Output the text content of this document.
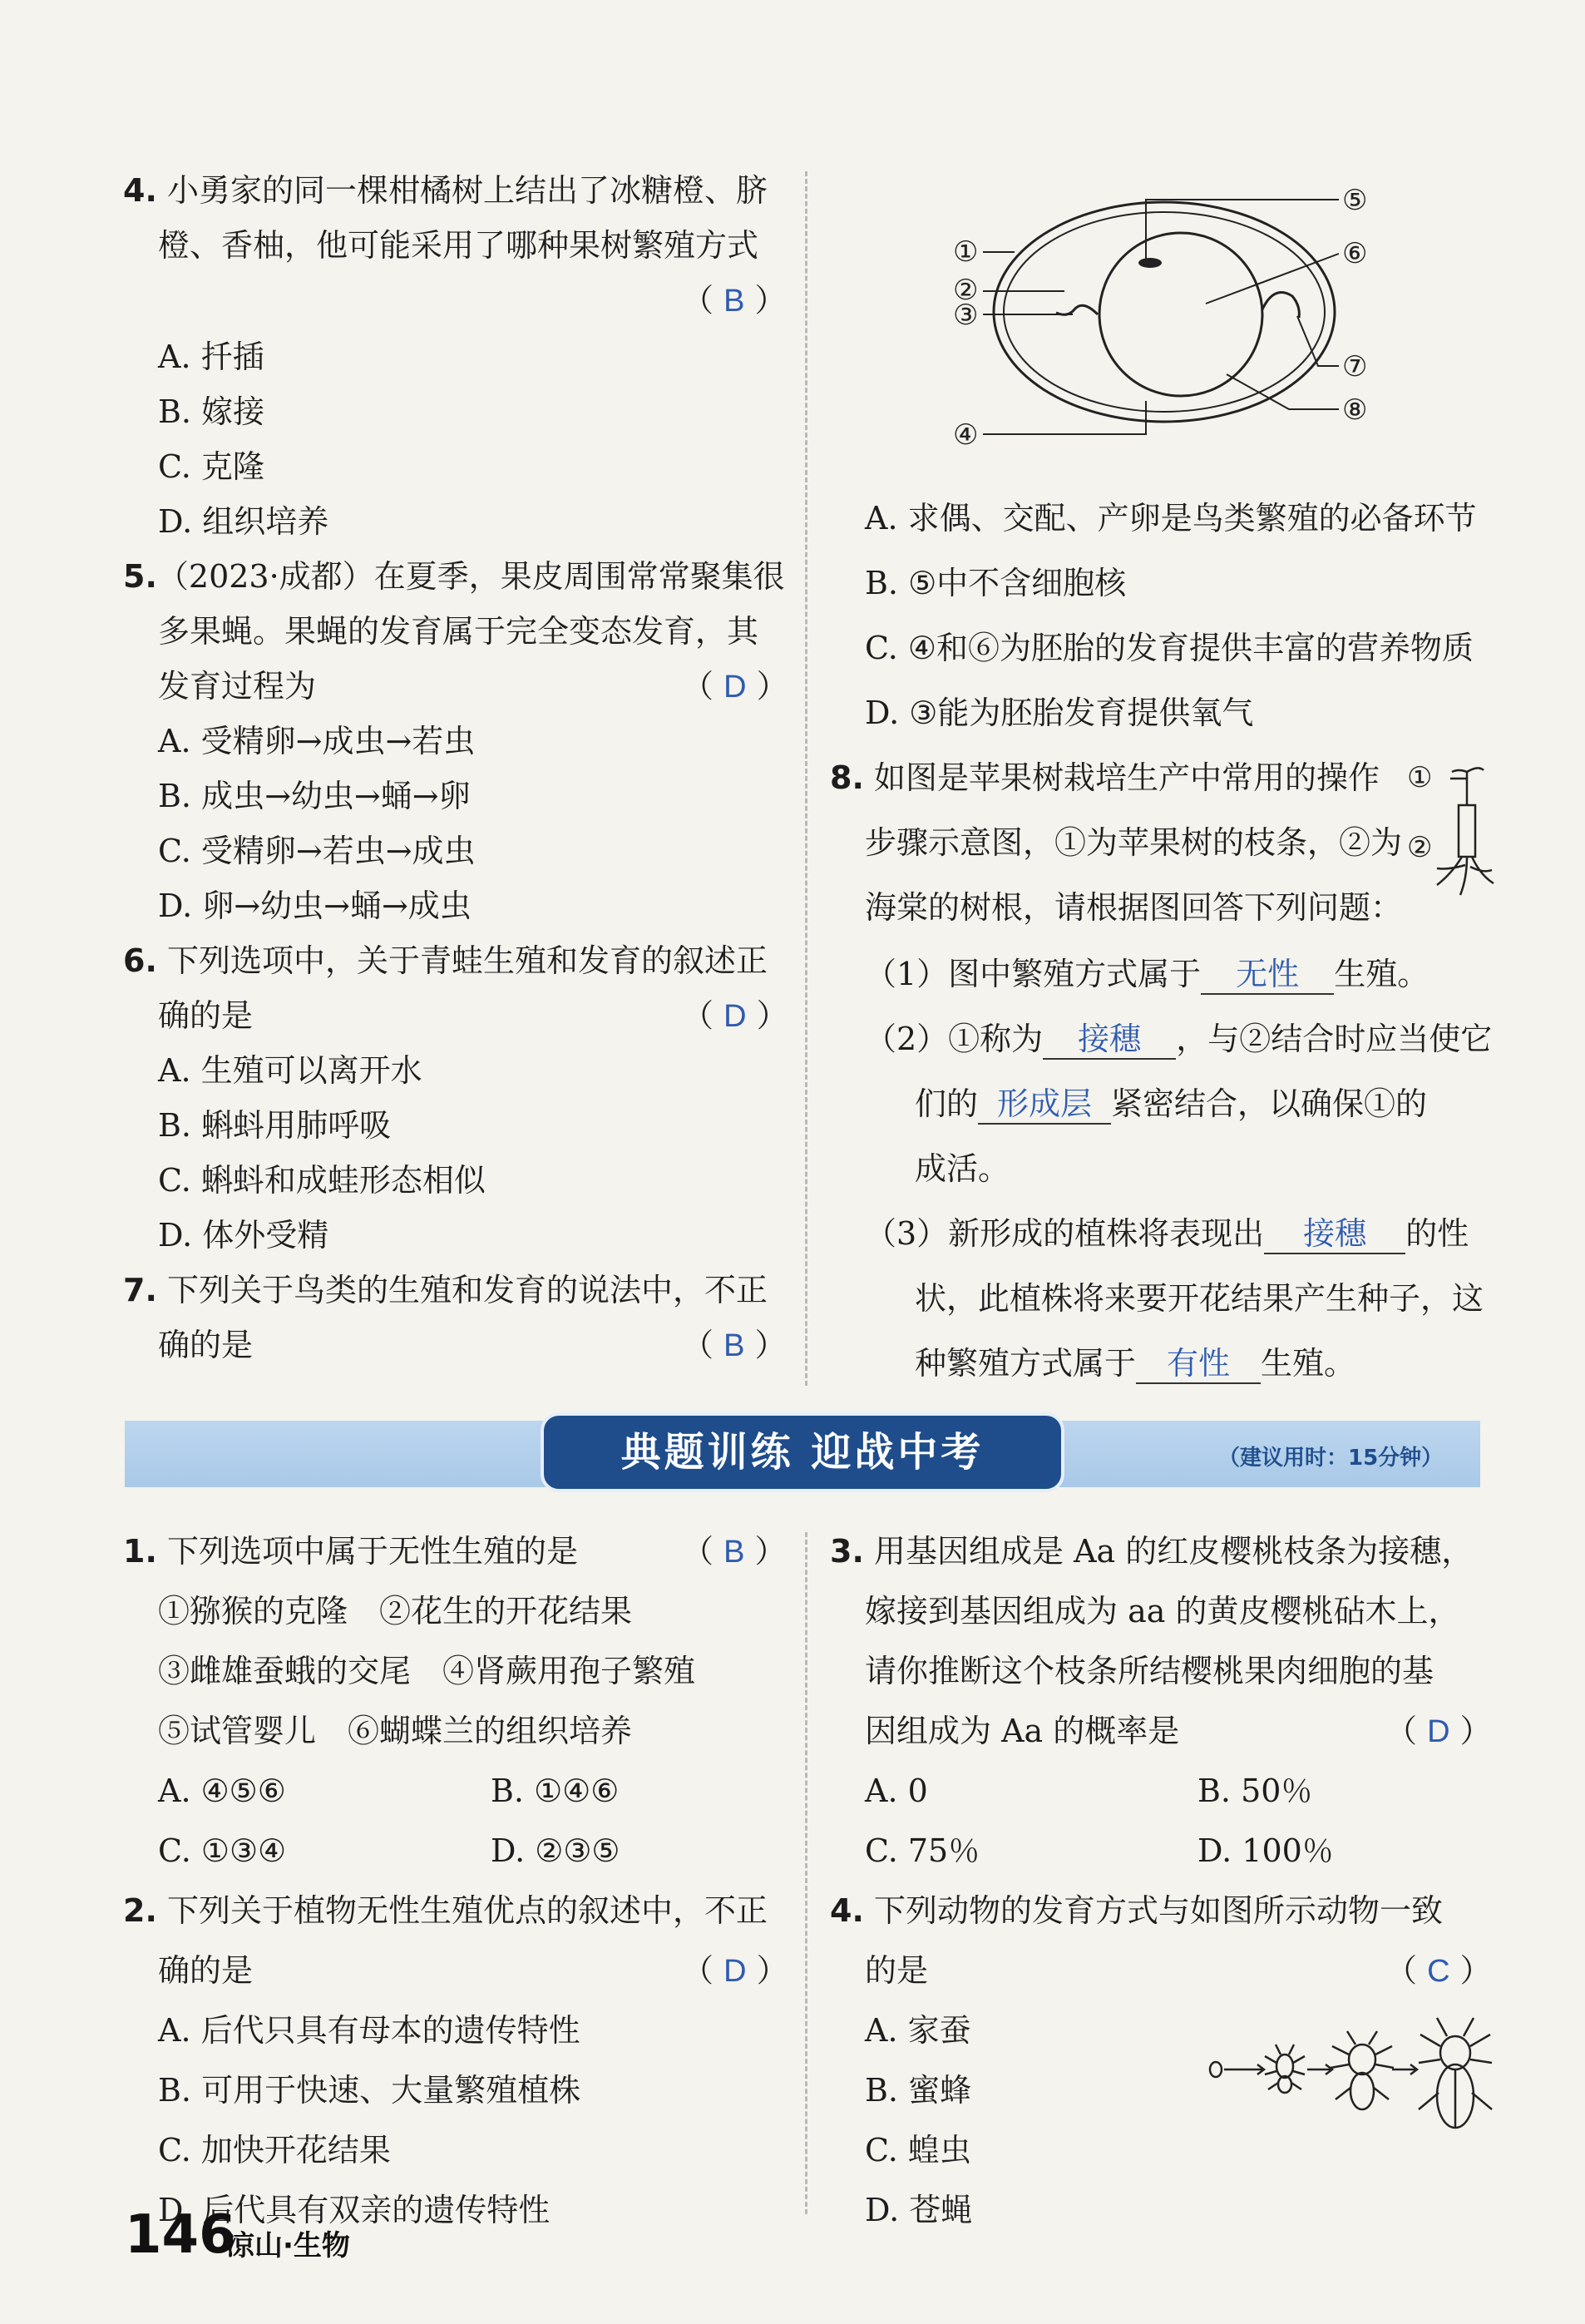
4. 小勇家的同一棵柑橘树上结出了冰糖橙、脐
橙、香柚，他可能采用了哪种果树繁殖方式
（ B ）
A. 扦插
B. 嫁接
C. 克隆
D. 组织培养
5.（2023·成都）在夏季，果皮周围常常聚集很
多果蝇。果蝇的发育属于完全变态发育，其
发育过程为	（ D ）
A. 受精卵→成虫→若虫
B. 成虫→幼虫→蛹→卵
C. 受精卵→若虫→成虫
D. 卵→幼虫→蛹→成虫
6. 下列选项中，关于青蛙生殖和发育的叙述正
确的是	（ D ）
A. 生殖可以离开水
B. 蝌蚪用肺呼吸
C. 蝌蚪和成蛙形态相似
D. 体外受精
7. 下列关于鸟类的生殖和发育的说法中，不正
确的是	（ B ）
①
②
③
④
⑤
⑥
⑦
⑧
A. 求偶、交配、产卵是鸟类繁殖的必备环节
B. ⑤中不含细胞核
C. ④和⑥为胚胎的发育提供丰富的营养物质
D. ③能为胚胎发育提供氧气
8. 如图是苹果树栽培生产中常用的操作
步骤示意图，①为苹果树的枝条，②为
海棠的树根，请根据图回答下列问题：
①
②
（1）图中繁殖方式属于 无性 生殖。
（2）①称为 接穗 ，与②结合时应当使它
们的 形成层 紧密结合，以确保①的
成活。
（3）新形成的植株将表现出 接穗 的性
状，此植株将来要开花结果产生种子，这
种繁殖方式属于 有性 生殖。
典题训练 迎战中考	（建议用时：15分钟）
1. 下列选项中属于无性生殖的是	（ B ）
①猕猴的克隆　②花生的开花结果
③雌雄蚕蛾的交尾　④肾蕨用孢子繁殖
⑤试管婴儿　⑥蝴蝶兰的组织培养
A. ④⑤⑥	B. ①④⑥
C. ①③④	D. ②③⑤
2. 下列关于植物无性生殖优点的叙述中，不正
确的是	（ D ）
A. 后代只具有母本的遗传特性
B. 可用于快速、大量繁殖植株
C. 加快开花结果
D. 后代具有双亲的遗传特性
3. 用基因组成是 Aa 的红皮樱桃枝条为接穗，
嫁接到基因组成为 aa 的黄皮樱桃砧木上，
请你推断这个枝条所结樱桃果肉细胞的基
因组成为 Aa 的概率是	（ D ）
A. 0	B. 50％
C. 75％	D. 100％
4. 下列动物的发育方式与如图所示动物一致
的是	（ C ）
A. 家蚕
B. 蜜蜂
C. 蝗虫
D. 苍蝇
146
凉山·生物
